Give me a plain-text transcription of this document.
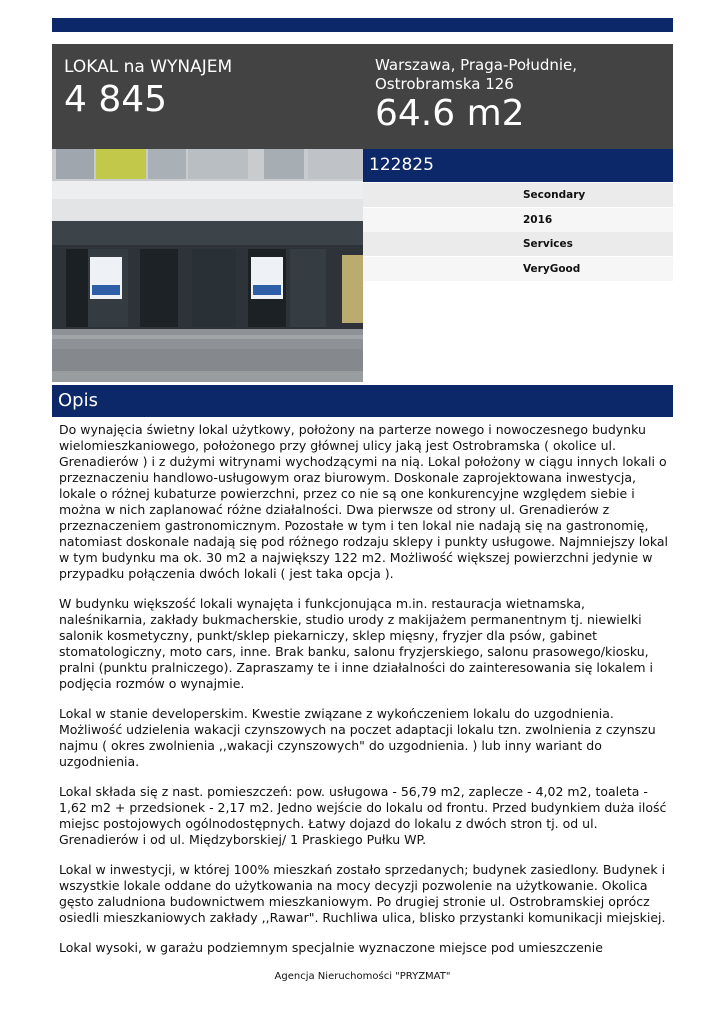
LOKAL na WYNAJEM
4 845
Warszawa, Praga-Południe, Ostrobramska 126
64.6 m2
122825
Secondary
2016
Services
VeryGood
Opis

Do wynajęcia świetny lokal użytkowy, położony na parterze nowego i nowoczesnego budynku wielomieszkaniowego, położonego przy głównej ulicy jaką jest Ostrobramska ( okolice ul. Grenadierów ) i z dużymi witrynami wychodzącymi na nią. Lokal położony w ciągu innych lokali o przeznaczeniu handlowo-usługowym oraz biurowym. Doskonale zaprojektowana inwestycja, lokale o różnej kubaturze powierzchni, przez co nie są one konkurencyjne względem siebie i można w nich zaplanować różne działalności. Dwa pierwsze od strony ul. Grenadierów z przeznaczeniem gastronomicznym. Pozostałe w tym i ten lokal nie nadają się na gastronomię, natomiast doskonale nadają się pod różnego rodzaju sklepy i punkty usługowe. Najmniejszy lokal w tym budynku ma ok. 30 m2 a największy 122 m2. Możliwość większej powierzchni jedynie w przypadku połączenia dwóch lokali ( jest taka opcja ).

W budynku większość lokali wynajęta i funkcjonująca m.in. restauracja wietnamska, naleśnikarnia, zakłady bukmacherskie, studio urody z makijażem permanentnym tj. niewielki salonik kosmetyczny, punkt/sklep piekarniczy, sklep mięsny, fryzjer dla psów, gabinet stomatologiczny, moto cars, inne. Brak banku, salonu fryzjerskiego, salonu prasowego/kiosku, pralni (punktu pralniczego). Zapraszamy te i inne działalności do zainteresowania się lokalem i podjęcia rozmów o wynajmie.

Lokal w stanie developerskim. Kwestie związane z wykończeniem lokalu do uzgodnienia. Możliwość udzielenia wakacji czynszowych na poczet adaptacji lokalu tzn. zwolnienia z czynszu najmu ( okres zwolnienia ,,wakacji czynszowych" do uzgodnienia. ) lub inny wariant do uzgodnienia.

Lokal składa się z nast. pomieszczeń: pow. usługowa - 56,79 m2, zaplecze - 4,02 m2, toaleta - 1,62 m2 + przedsionek - 2,17 m2. Jedno wejście do lokalu od frontu. Przed budynkiem duża ilość miejsc postojowych ogólnodostępnych. Łatwy dojazd do lokalu z dwóch stron tj. od ul. Grenadierów i od ul. Międzyborskiej/ 1 Praskiego Pułku WP.

Lokal w inwestycji, w której 100% mieszkań zostało sprzedanych; budynek zasiedlony. Budynek i wszystkie lokale oddane do użytkowania na mocy decyzji pozwolenie na użytkowanie. Okolica gęsto zaludniona budownictwem mieszkaniowym. Po drugiej stronie ul. Ostrobramskiej oprócz osiedli mieszkaniowych zakłady ,,Rawar". Ruchliwa ulica, blisko przystanki komunikacji miejskiej.

Lokal wysoki, w garażu podziemnym specjalnie wyznaczone miejsce pod umieszczenie

Agencja Nieruchomości "PRYZMAT"
